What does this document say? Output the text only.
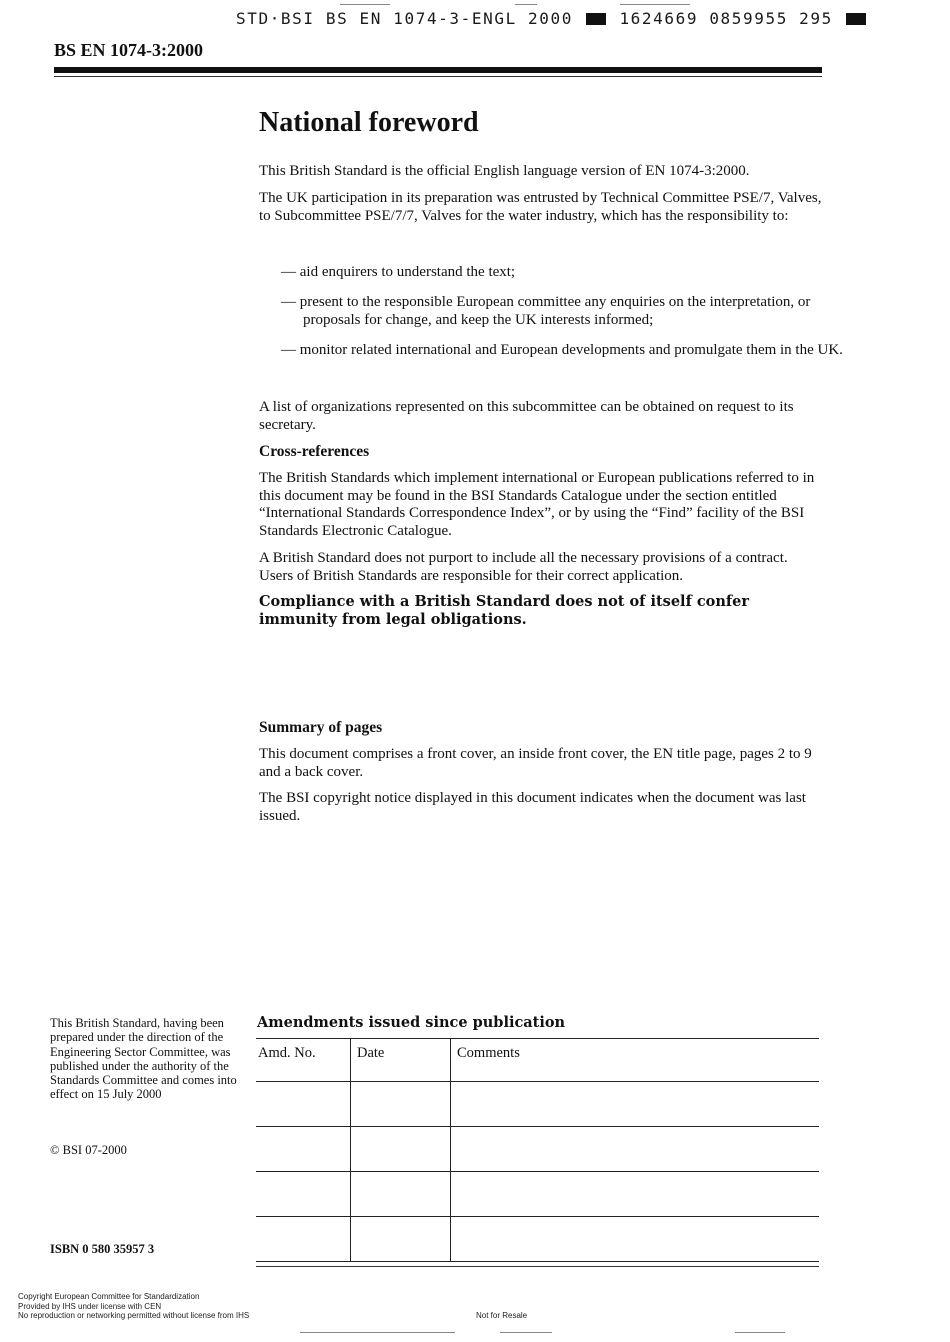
STD·BSI BS EN 1074-3-ENGL 2000	1624669 0859955 295
BS EN 1074-3:2000
National foreword
This British Standard is the official English language version of EN 1074-3:2000.
The UK participation in its preparation was entrusted by Technical Committee PSE/7, Valves, to Subcommittee PSE/7/7, Valves for the water industry, which has the responsibility to:
— aid enquirers to understand the text;
— present to the responsible European committee any enquiries on the interpretation, or proposals for change, and keep the UK interests informed;
— monitor related international and European developments and promulgate them in the UK.
A list of organizations represented on this subcommittee can be obtained on request to its secretary.
Cross-references
The British Standards which implement international or European publications referred to in this document may be found in the BSI Standards Catalogue under the section entitled “International Standards Correspondence Index”, or by using the “Find” facility of the BSI Standards Electronic Catalogue.
A British Standard does not purport to include all the necessary provisions of a contract. Users of British Standards are responsible for their correct application.
Compliance with a British Standard does not of itself confer immunity from legal obligations.
Summary of pages
This document comprises a front cover, an inside front cover, the EN title page, pages 2 to 9 and a back cover.
The BSI copyright notice displayed in this document indicates when the document was last issued.
This British Standard, having been prepared under the direction of the Engineering Sector Committee, was published under the authority of the Standards Committee and comes into effect on 15 July 2000
© BSI 07-2000
ISBN 0 580 35957 3
Amendments issued since publication
Amd. No.	Date	Comments

Copyright European Committee for Standardization
Provided by IHS under license with CEN
No reproduction or networking permitted without license from IHS	Not for Resale
